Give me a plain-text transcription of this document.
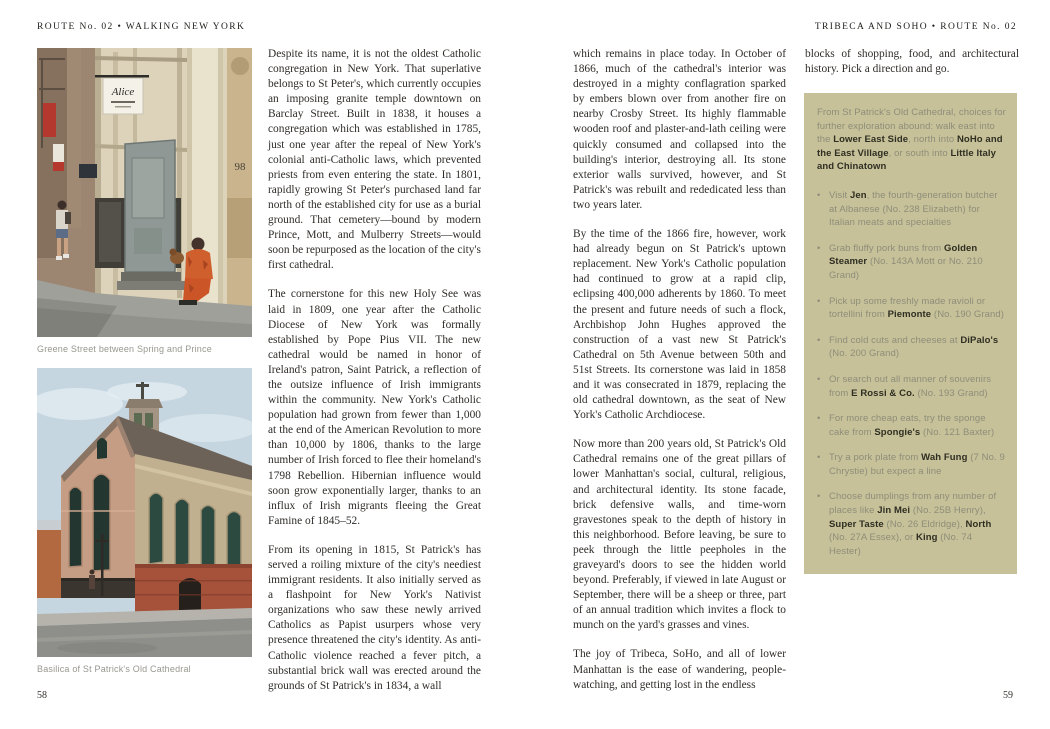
ROUTE No. 02 • WALKING NEW YORK	TRIBECA AND SOHO • ROUTE No. 02
98
Alice
Greene Street between Spring and Prince
Basilica of St Patrick's Old Cathedral

Despite its name, it is not the oldest Catholic congregation in New York. That superlative belongs to St Peter's, which currently occupies an imposing granite temple downtown on Barclay Street. Built in 1838, it houses a congregation which was established in 1785, just one year after the repeal of New York's colonial anti-Catholic laws, which prevented priests from even entering the state. In 1801, rapidly growing St Peter's purchased land far north of the established city for use as a burial ground. That cemetery—bound by modern Prince, Mott, and Mulberry Streets—would soon be repurposed as the location of the city's first cathedral.

The cornerstone for this new Holy See was laid in 1809, one year after the Catholic Diocese of New York was formally established by Pope Pius VII. The new cathedral would be named in honor of Ireland's patron, Saint Patrick, a reflection of the outsize influence of Irish immigrants within the community. New York's Catholic population had grown from fewer than 1,000 at the end of the American Revolution to more than 10,000 by 1806, thanks to the large number of Irish forced to flee their homeland's 1798 Rebellion. Hibernian influence would soon grow exponentially larger, thanks to an influx of Irish migrants fleeing the Great Famine of 1845–52.

From its opening in 1815, St Patrick's has served a roiling mixture of the city's neediest immigrant residents. It also initially served as a flashpoint for New York's Nativist organizations who saw these newly arrived Catholics as Papist usurpers whose very presence threatened the city's identity. As anti-Catholic violence reached a fever pitch, a substantial brick wall was erected around the grounds of St Patrick's in 1834, a wall

which remains in place today. In October of 1866, much of the cathedral's interior was destroyed in a mighty conflagration sparked by embers blown over from another fire on nearby Crosby Street. Its highly flammable wooden roof and plaster-and-lath ceiling were quickly consumed and collapsed into the building's interior, destroying all. Its stone exterior walls survived, however, and St Patrick's was rebuilt and rededicated less than two years later.

By the time of the 1866 fire, however, work had already begun on St Patrick's uptown replacement. New York's Catholic population had continued to grow at a rapid clip, eclipsing 400,000 adherents by 1860. To meet the present and future needs of such a flock, Archbishop John Hughes approved the construction of a vast new St Patrick's Cathedral on 5th Avenue between 50th and 51st Streets. Its cornerstone was laid in 1858 and it was consecrated in 1879, replacing the old cathedral downtown, as the seat of New York's Catholic Archdiocese.

Now more than 200 years old, St Patrick's Old Cathedral remains one of the great pillars of lower Manhattan's social, cultural, religious, and architectural identity. Its stone facade, brick defensive walls, and time-worn gravestones speak to the depth of history in this neighborhood. Before leaving, be sure to peek through the little peepholes in the graveyard's doors to see the hidden world beyond. Preferably, if viewed in late August or September, there will be a sheep or three, part of an annual tradition which invites a flock to munch on the yard's grasses and vines.

The joy of Tribeca, SoHo, and all of lower Manhattan is the ease of wandering, people-watching, and getting lost in the endless

blocks of shopping, food, and architectural history. Pick a direction and go.

From St Patrick's Old Cathedral, choices for further exploration abound: walk east into the Lower East Side, north into NoHo and the East Village, or south into Little Italy and Chinatown
• Visit Jen, the fourth-generation butcher at Albanese (No. 238 Elizabeth) for Italian meats and specialties
• Grab fluffy pork buns from Golden Steamer (No. 143A Mott or No. 210 Grand)
• Pick up some freshly made ravioli or tortellini from Piemonte (No. 190 Grand)
• Find cold cuts and cheeses at DiPalo's (No. 200 Grand)
• Or search out all manner of souvenirs from E Rossi & Co. (No. 193 Grand)
• For more cheap eats, try the sponge cake from Spongie's (No. 121 Baxter)
• Try a pork plate from Wah Fung (7 No. 9 Chrystie) but expect a line
• Choose dumplings from any number of places like Jin Mei (No. 25B Henry), Super Taste (No. 26 Eldridge), North (No. 27A Essex), or King (No. 74 Hester)
58	59
